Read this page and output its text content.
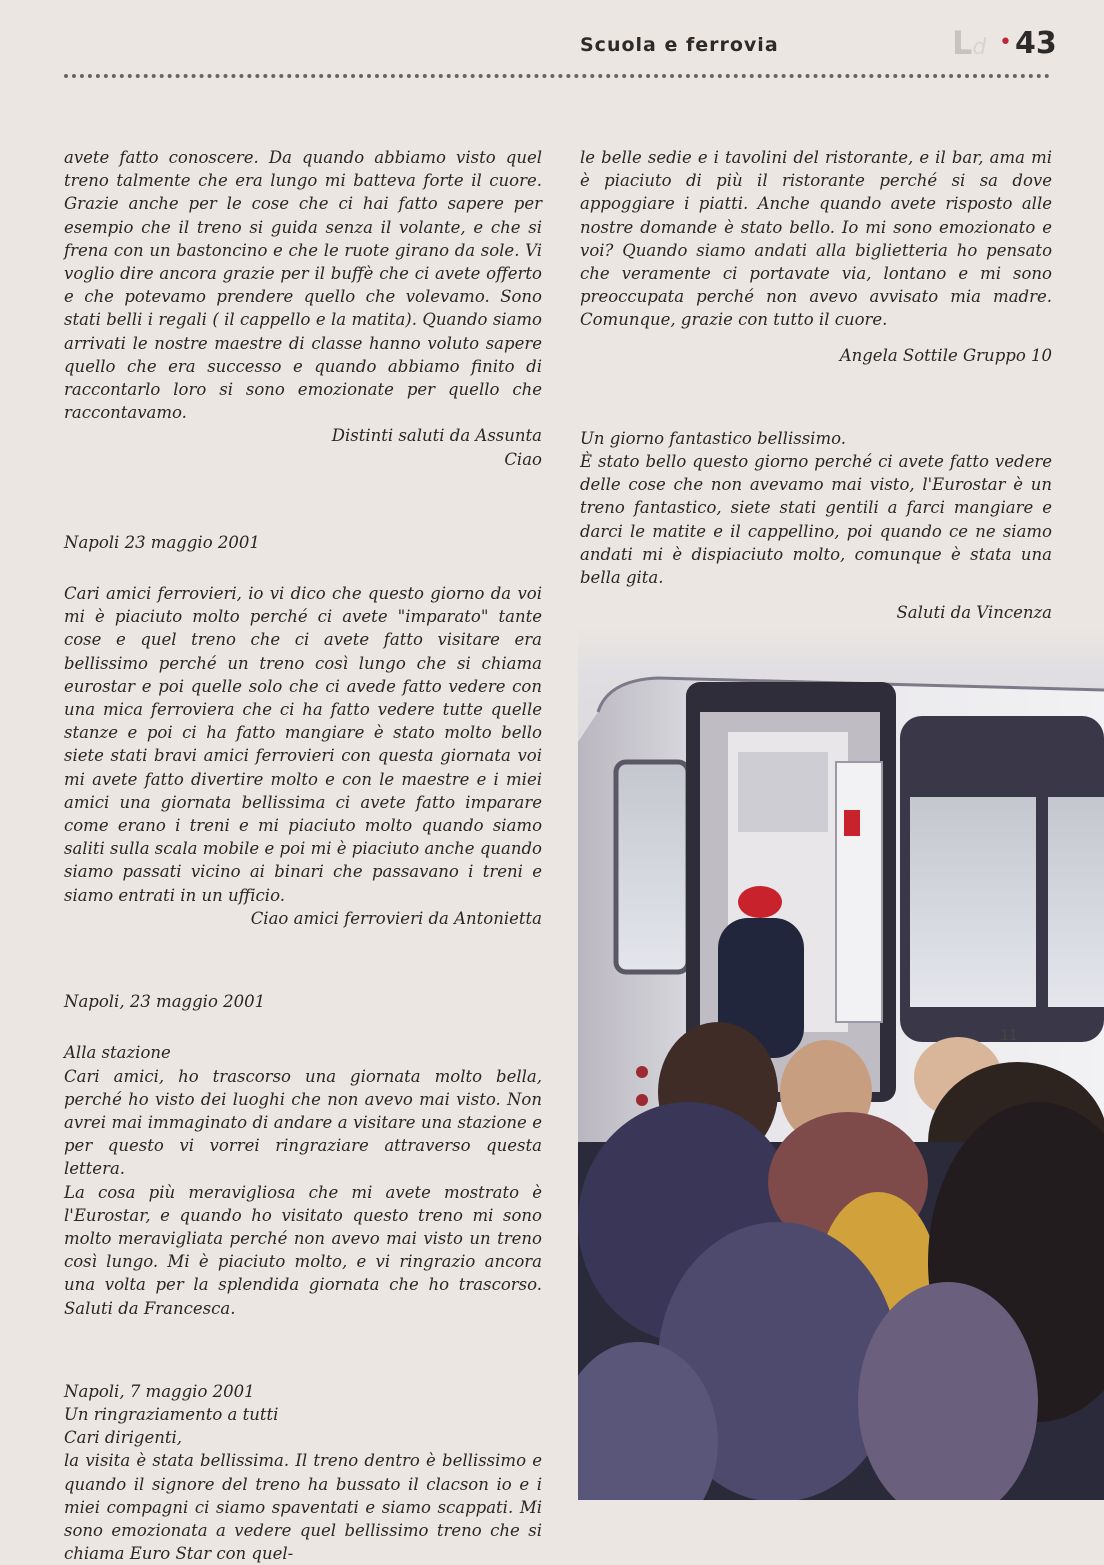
Scuola e ferrovia	Ld • 43

avete fatto conoscere. Da quando abbiamo visto quel treno talmente che era lungo mi batteva forte il cuore. Grazie anche per le cose che ci hai fatto sapere per esempio che il treno si guida senza il volante, e che si frena con un bastoncino e che le ruote girano da sole. Vi voglio dire ancora grazie per il buffè che ci avete offerto e che potevamo prendere quello che volevamo. Sono stati belli i regali ( il cappello e la matita). Quando siamo arrivati le nostre maestre di classe hanno voluto sapere quello che era successo e quando abbiamo finito di raccontarlo loro si sono emozionate per quello che raccontavamo.

Distinti saluti da Assunta

Ciao

Napoli 23 maggio 2001

Cari amici ferrovieri, io vi dico che questo giorno da voi mi è piaciuto molto perché ci avete "imparato" tante cose e quel treno che ci avete fatto visitare era bellissimo perché un treno così lungo che si chiama eurostar e poi quelle solo che ci avede fatto vedere con una mica ferroviera che ci ha fatto vedere tutte quelle stanze e poi ci ha fatto mangiare è stato molto bello siete stati bravi amici ferrovieri con questa giornata voi mi avete fatto divertire molto e con le maestre e i miei amici una giornata bellissima ci avete fatto imparare come erano i treni e mi piaciuto molto quando siamo saliti sulla scala mobile e poi mi è piaciuto anche quando siamo passati vicino ai binari che passavano i treni e siamo entrati in un ufficio.

Ciao amici ferrovieri da Antonietta

Napoli, 23 maggio 2001

Alla stazione

Cari amici, ho trascorso una giornata molto bella, perché ho visto dei luoghi che non avevo mai visto. Non avrei mai immaginato di andare a visitare una stazione e per questo vi vorrei ringraziare attraverso questa lettera.

La cosa più meravigliosa che mi avete mostrato è l'Eurostar, e quando ho visitato questo treno mi sono molto meravigliata perché non avevo mai visto un treno così lungo. Mi è piaciuto molto, e vi ringrazio ancora una volta per la splendida giornata che ho trascorso. Saluti da Francesca.

Napoli, 7 maggio 2001

Un ringraziamento a tutti

Cari dirigenti,

la visita è stata bellissima. Il treno dentro è bellissimo e quando il signore del treno ha bussato il clacson io e i miei compagni ci siamo spaventati e siamo scappati. Mi sono emozionata a vedere quel bellissimo treno che si chiama Euro Star con quel-

le belle sedie e i tavolini del ristorante, e il bar, ama mi è piaciuto di più il ristorante perché si sa dove appoggiare i piatti. Anche quando avete risposto alle nostre domande è stato bello. Io mi sono emozionato e voi? Quando siamo andati alla biglietteria ho pensato che veramente ci portavate via, lontano e mi sono preoccupata perché non avevo avvisato mia madre. Comunque, grazie con tutto il cuore.

Angela Sottile Gruppo 10

Un giorno fantastico bellissimo.

È stato bello questo giorno perché ci avete fatto vedere delle cose che non avevamo mai visto, l'Eurostar è un treno fantastico, siete stati gentili a farci mangiare e darci le matite e il cappellino, poi quando ce ne siamo andati mi è dispiaciuto molto, comunque è stata una bella gita.

Saluti da Vincenza

11
